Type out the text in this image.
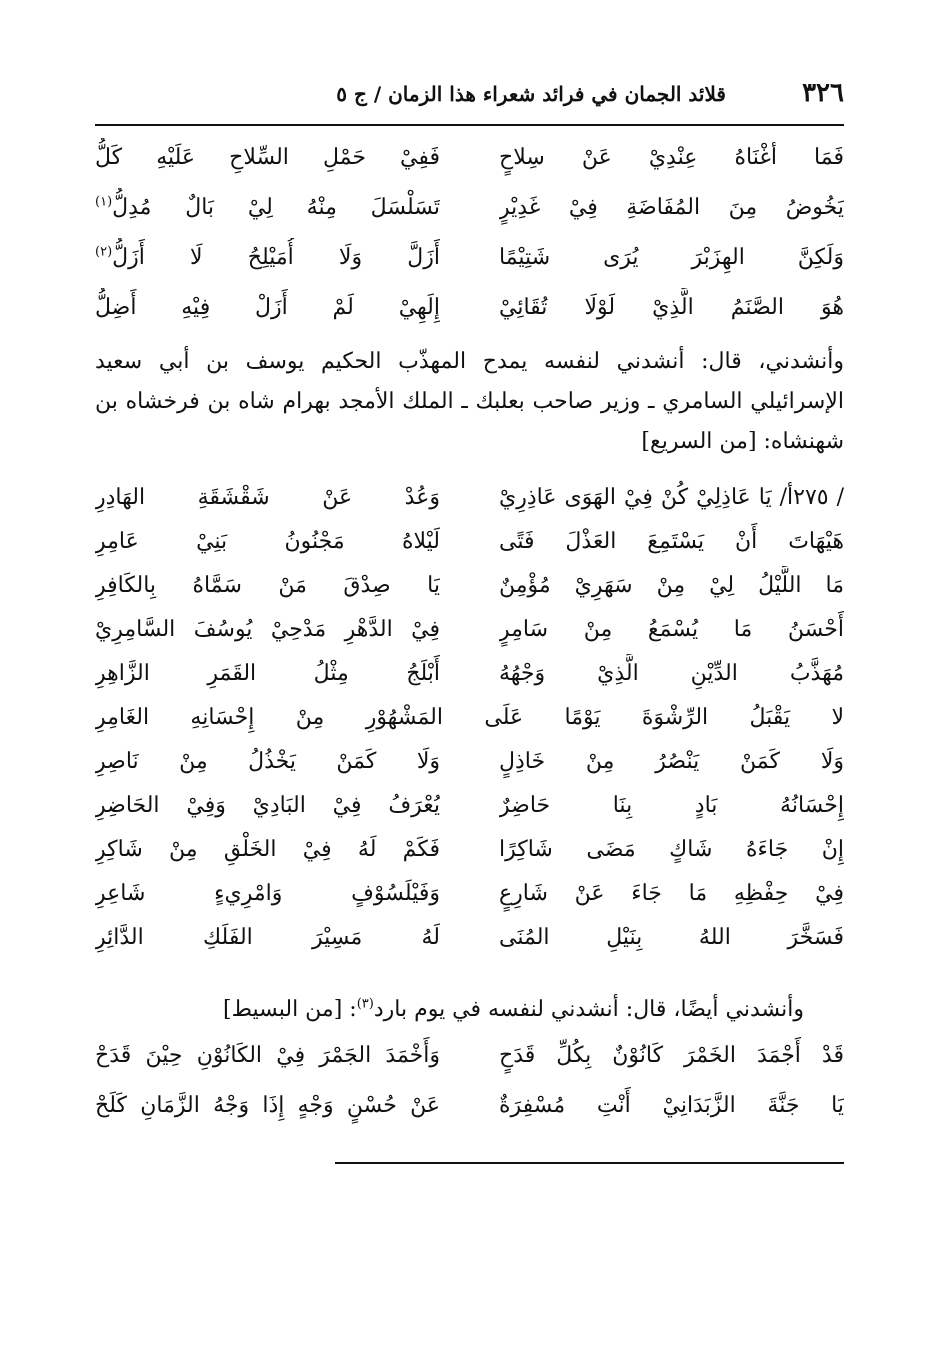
٣٢٦
قلائد الجمان في فرائد شعراء هذا الزمان / ج ٥
فَمَا أغْنَاهُ عِنْدِيْ عَنْ سِلاحٍ
فَفِيْ حَمْلِ السِّلاحِ عَلَيْهِ كَلُّ
يَخُوضُ مِنَ المُفَاضَةِ فِيْ غَدِيْرٍ
تَسَلْسَلَ مِنْهُ لِيْ بَالٌ مُدِلُّ$^{(١)}$
وَلَكِنَّ الهِزَبْرَ يُرَى شَتِيْمًا
أَزَلَّ وَلَا أُمَيْلِحُ لَا أَزَلُّ$^{(٢)}$
هُوَ الصَّنَمُ الَّذِيْ لَوْلَا تُقَائِيْ
إِلَهِيْ لَمْ أَزَلْ فِيْهِ أَضِلُّ
وأنشدني، قال: أنشدني لنفسه يمدح المهذّب الحكيم يوسف بن أبي سعيد
الإسرائيلي السامري ـ وزير صاحب بعلبك ـ الملك الأمجد بهرام شاه بن فرخشاه بن
شهنشاه: [من السريع]
/ ٢٧٥أ/ يَا عَاذِلِيْ كُنْ فِيْ الهَوَى عَاذِرِيْ
وَعُدْ عَنْ شَقْشَقَةِ الهَادِرِ
هَيْهَاتَ أَنْ يَسْتَمِعَ العَذْلَ فَتًى
لَيْلاهُ مَجْنُونُ بَنِيْ عَامِرِ
مَا اللَّيْلُ لِيْ مِنْ سَهَرِيْ مُؤْمِنٌ
يَا صِدْقَ مَنْ سَمَّاهُ بِالكَافِرِ
أَحْسَنُ مَا يُسْمَعُ مِنْ سَامِرٍ
فِيْ الدَّهْرِ مَدْحِيْ يُوسُفَ السَّامِرِيْ
مُهَذَّبُ الدِّيْنِ الَّذِيْ وَجْهُهُ
أَبْلَجُ مِثْلُ القَمَرِ الزَّاهِرِ
لا يَقْبَلُ الرِّشْوَةَ يَوْمًا عَلَى المَشْهُوْرِ مِنْ إِحْسَانِهِ الغَامِرِ
وَلَا كَمَنْ يَنْصُرُ مِنْ خَاذِلٍ
وَلَا كَمَنْ يَخْذُلُ مِنْ نَاصِرِ
إِحْسَانُهُ بَادٍ بِنَا حَاضِرٌ
يُعْرَفُ فِيْ البَادِيْ وَفِيْ الحَاضِرِ
إِنْ جَاءَهُ شَاكٍ مَضَى شَاكِرًا
فَكَمْ لَهُ فِيْ الخَلْقِ مِنْ شَاكِرِ
فِيْ حِفْظِهِ مَا جَاءَ عَنْ شَارِعٍ
وَفَيْلَسُوْفٍ وَامْرِيءٍ شَاعِرِ
فَسَخَّرَ اللهُ بِنَيْلِ المُنَى
لَهُ مَسِيْرَ الفَلَكِ الدَّائِرِ
وأنشدني أيضًا، قال: أنشدني لنفسه في يوم بارد$^{(٣)}$: [من البسيط]
قَدْ أَجْمَدَ الخَمْرَ كَانُوْنٌ بِكُلِّ قَدَحٍ
وَأَخْمَدَ الجَمْرَ فِيْ الكَانُوْنِ حِيْنَ قَدَحْ
يَا جَنَّةَ الزَّبَدَانِيْ أَنْتِ مُسْفِرَةٌ
عَنْ حُسْنٍ وَجْهٍ إِذَا وَجْهُ الزَّمَانِ كَلَحْ
